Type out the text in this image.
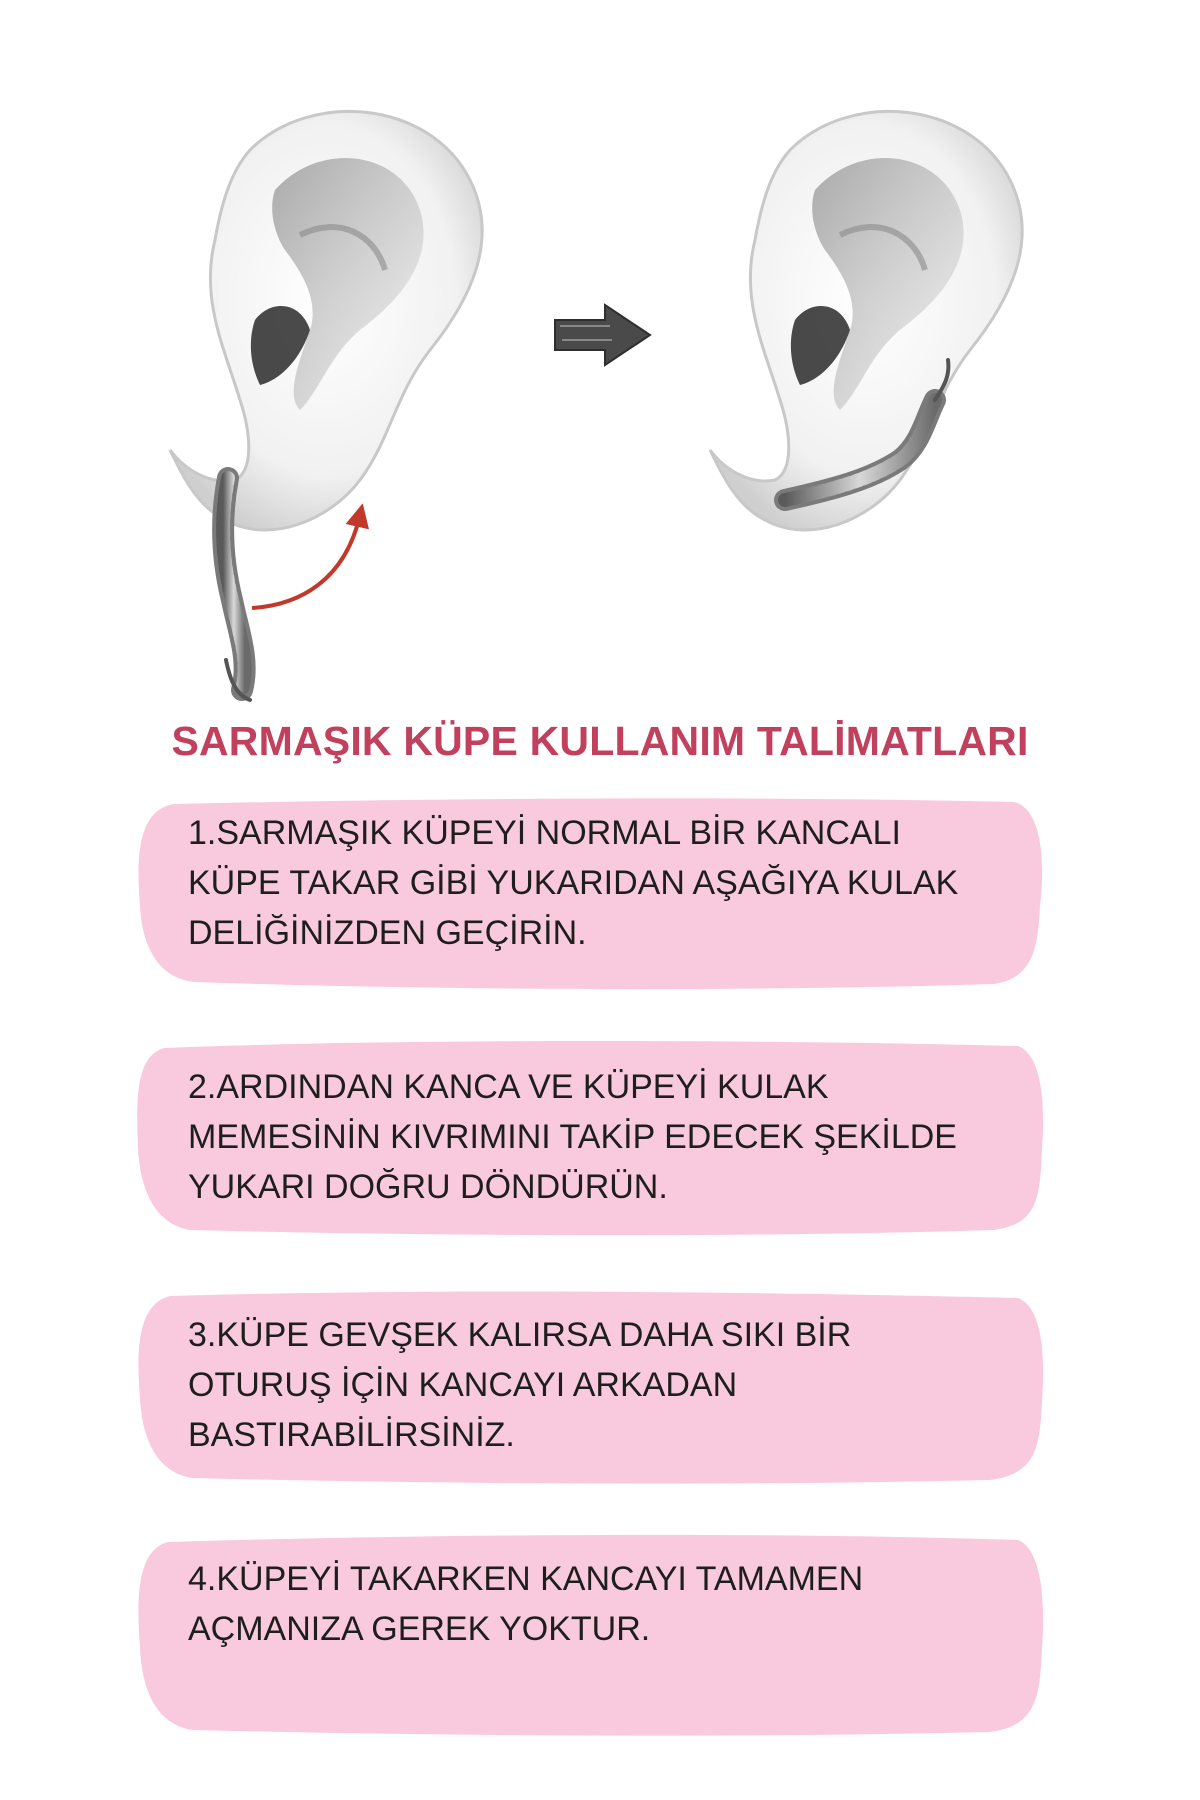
SARMAŞIK KÜPE KULLANIM TALİMATLARI
1.SARMAŞIK KÜPEYİ NORMAL BİR KANCALI
KÜPE TAKAR GİBİ YUKARIDAN AŞAĞIYA KULAK
DELİĞİNİZDEN GEÇİRİN.
2.ARDINDAN KANCA VE KÜPEYİ KULAK
MEMESİNİN KIVRIMINI TAKİP EDECEK ŞEKİLDE
YUKARI DOĞRU DÖNDÜRÜN.
3.KÜPE GEVŞEK KALIRSA DAHA SIKI BİR
OTURUŞ İÇİN KANCAYI ARKADAN
BASTIRABİLİRSİNİZ.
4.KÜPEYİ TAKARKEN KANCAYI TAMAMEN
AÇMANIZA GEREK YOKTUR.
